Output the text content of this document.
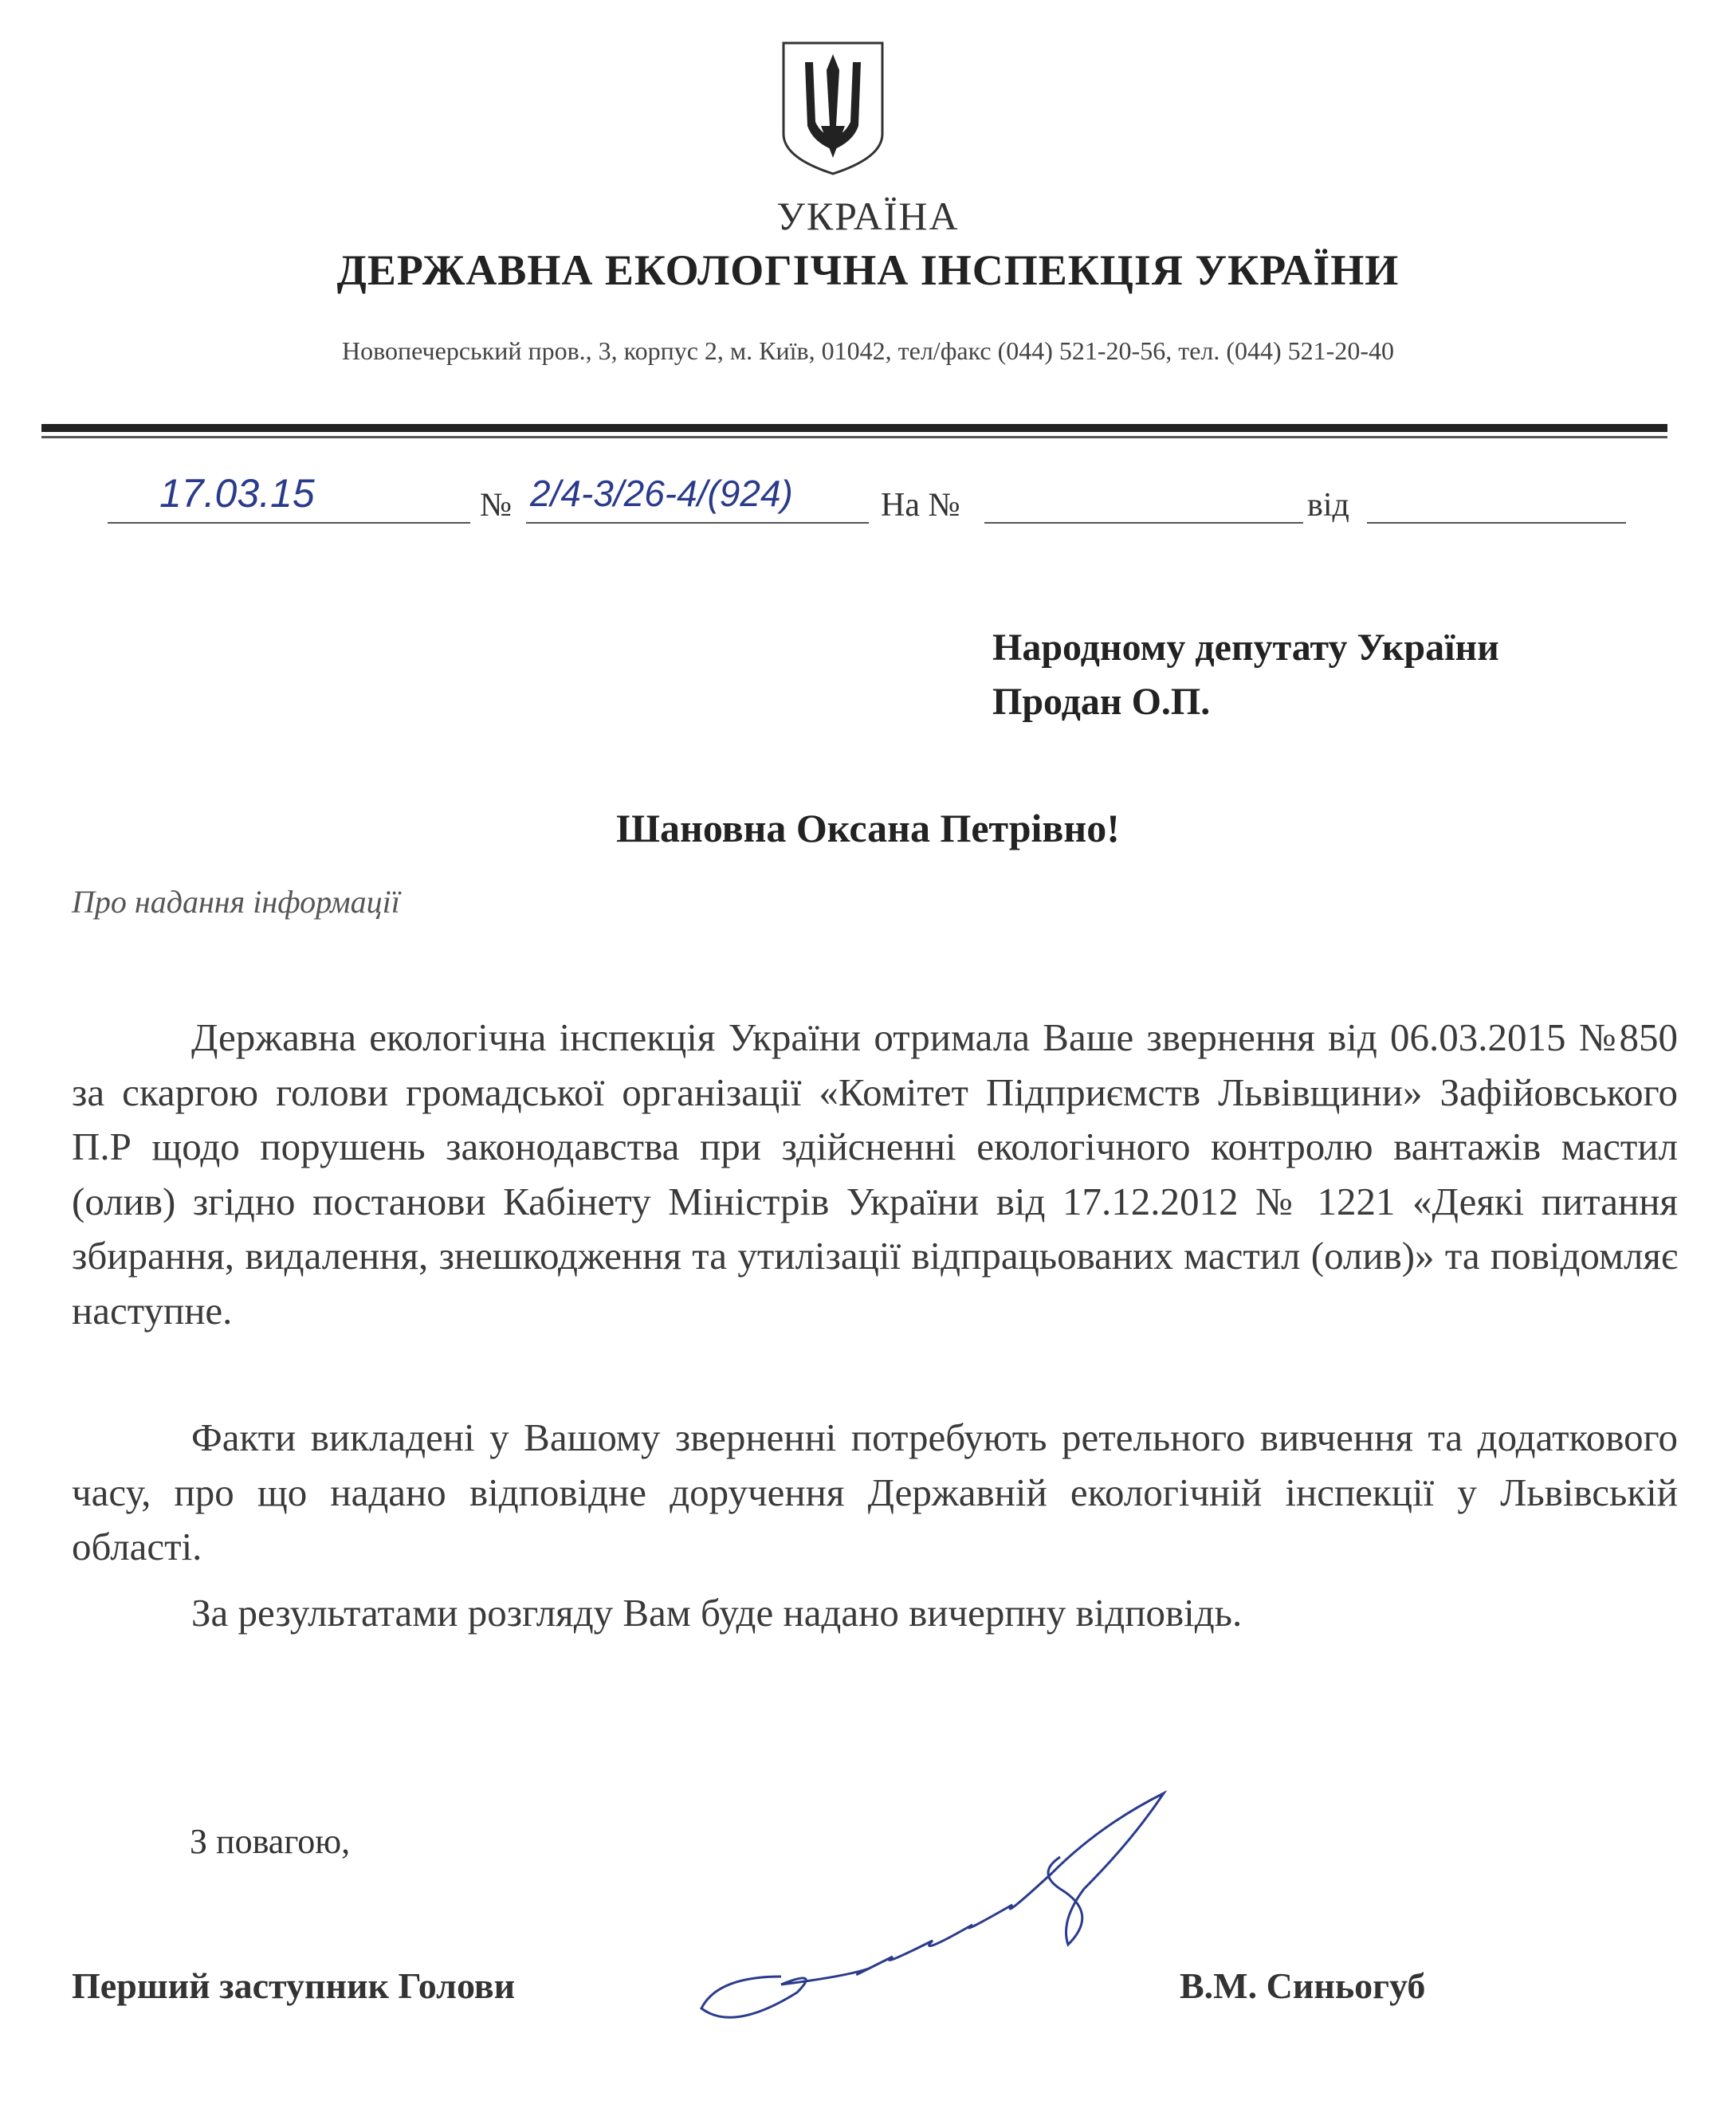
УКРАЇНА
ДЕРЖАВНА ЕКОЛОГІЧНА ІНСПЕКЦІЯ УКРАЇНИ
Новопечерський пров., 3, корпус 2, м. Київ, 01042, тел/факс (044) 521-20-56, тел. (044) 521-20-40
17.03.15	№ 2/4-3/26-4/(924)	На №	від
Народному депутату України
Продан О.П.
Шановна Оксана Петрівно!
Про надання інформації
Державна екологічна інспекція України отримала Ваше звернення від 06.03.2015 №850 за скаргою голови громадської організації «Комітет Підприємств Львівщини» Зафійовського П.Р щодо порушень законодавства при здійсненні екологічного контролю вантажів мастил (олив) згідно постанови Кабінету Міністрів України від 17.12.2012 № 1221 «Деякі питання збирання, видалення, знешкодження та утилізації відпрацьованих мастил (олив)» та повідомляє наступне.
Факти викладені у Вашому зверненні потребують ретельного вивчення та додаткового часу, про що надано відповідне доручення Державній екологічній інспекції у Львівській області.
За результатами розгляду Вам буде надано вичерпну відповідь.
З повагою,
Перший заступник Голови	В.М. Синьогуб
